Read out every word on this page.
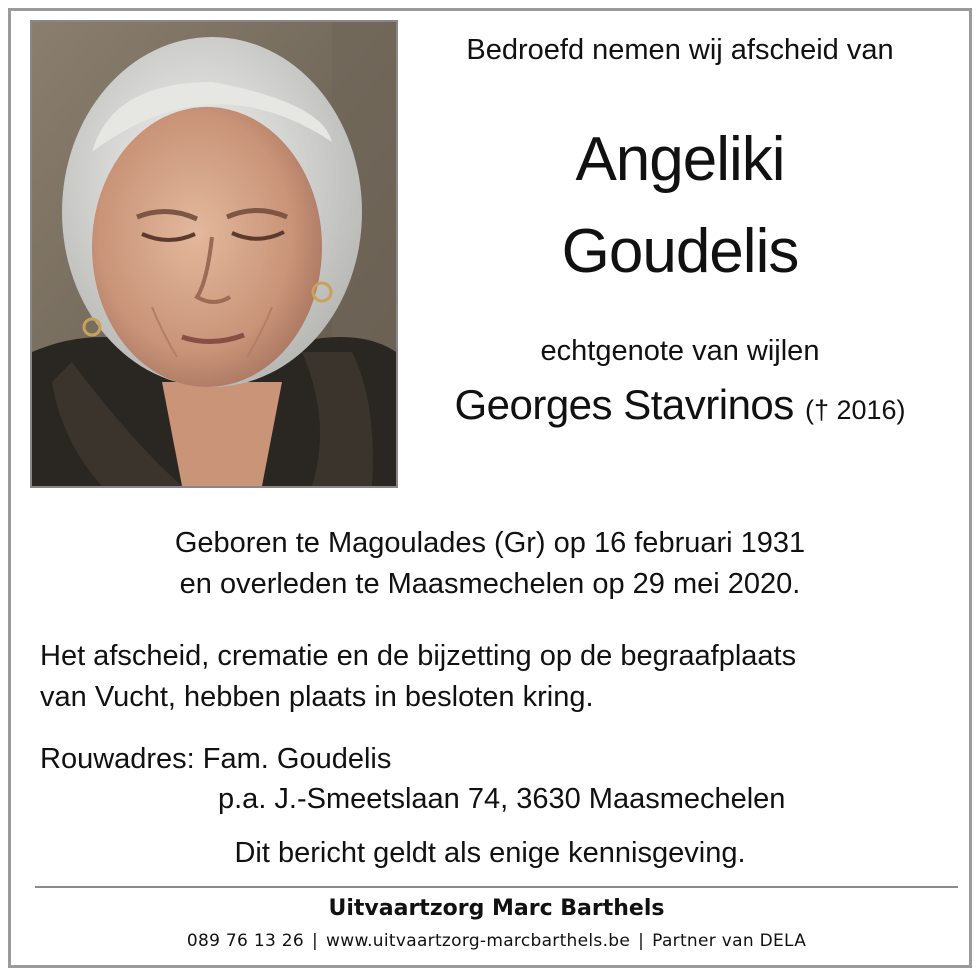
Bedroefd nemen wij afscheid van
Angeliki
Goudelis
echtgenote van wijlen
Georges Stavrinos († 2016)
Geboren te Magoulades (Gr) op 16 februari 1931
en overleden te Maasmechelen op 29 mei 2020.
Het afscheid, crematie en de bijzetting op de begraafplaats
van Vucht, hebben plaats in besloten kring.
Rouwadres: Fam. Goudelis
p.a. J.-Smeetslaan 74, 3630 Maasmechelen
Dit bericht geldt als enige kennisgeving.
Uitvaartzorg Marc Barthels
089 76 13 26 | www.uitvaartzorg-marcbarthels.be | Partner van DELA
